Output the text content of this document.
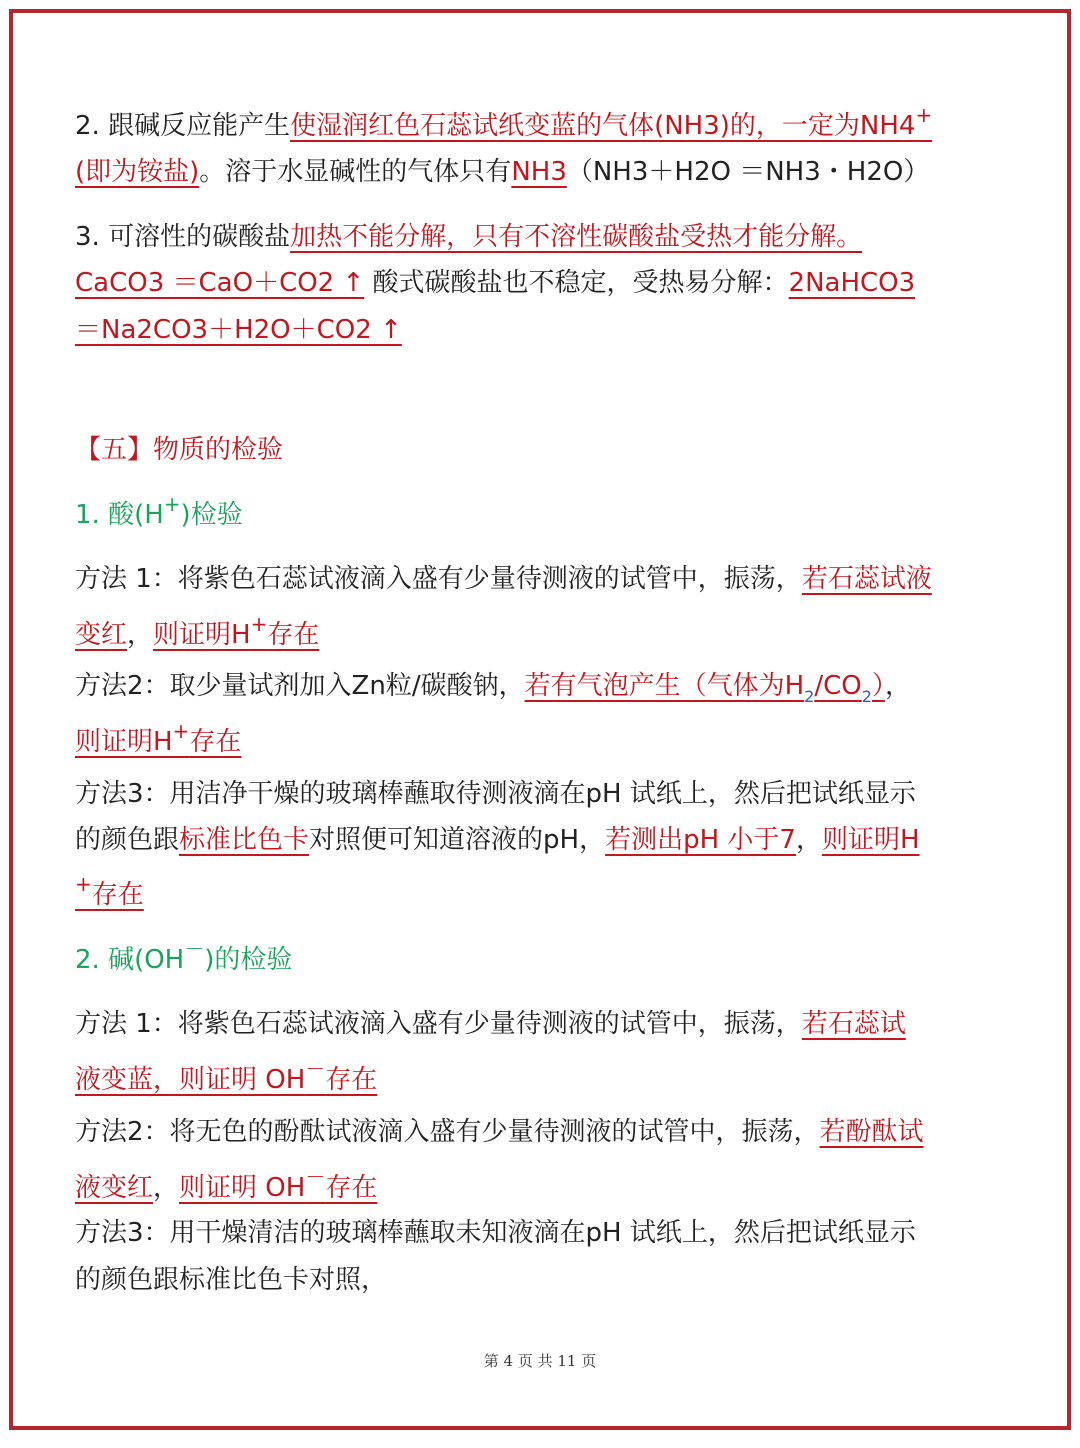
2. 跟碱反应能产生使湿润红色石蕊试纸变蓝的气体(NH3)的，一定为NH4+
(即为铵盐)。溶于水显碱性的气体只有NH3（NH3＋H2O ＝NH3・H2O）
3. 可溶性的碳酸盐加热不能分解，只有不溶性碳酸盐受热才能分解。
CaCO3 ＝CaO＋CO2 ↑ 酸式碳酸盐也不稳定，受热易分解：2NaHCO3
＝Na2CO3＋H2O＋CO2 ↑
【五】物质的检验
1. 酸(H+)检验
方法 1：将紫色石蕊试液滴入盛有少量待测液的试管中，振荡，若石蕊试液
变红，则证明H+存在
方法2：取少量试剂加入Zn粒/碳酸钠，若有气泡产生（气体为$H_2/CO_2$），
则证明H+存在
方法3：用洁净干燥的玻璃棒蘸取待测液滴在pH 试纸上，然后把试纸显示
的颜色跟标准比色卡对照便可知道溶液的pH，若测出pH 小于7，则证明H
+存在
2. 碱(OH－)的检验
方法 1：将紫色石蕊试液滴入盛有少量待测液的试管中，振荡，若石蕊试
液变蓝，则证明 OH－存在
方法2：将无色的酚酞试液滴入盛有少量待测液的试管中，振荡，若酚酞试
液变红，则证明 OH－存在
方法3：用干燥清洁的玻璃棒蘸取未知液滴在pH 试纸上，然后把试纸显示
的颜色跟标准比色卡对照，
第 4 页 共 11 页
